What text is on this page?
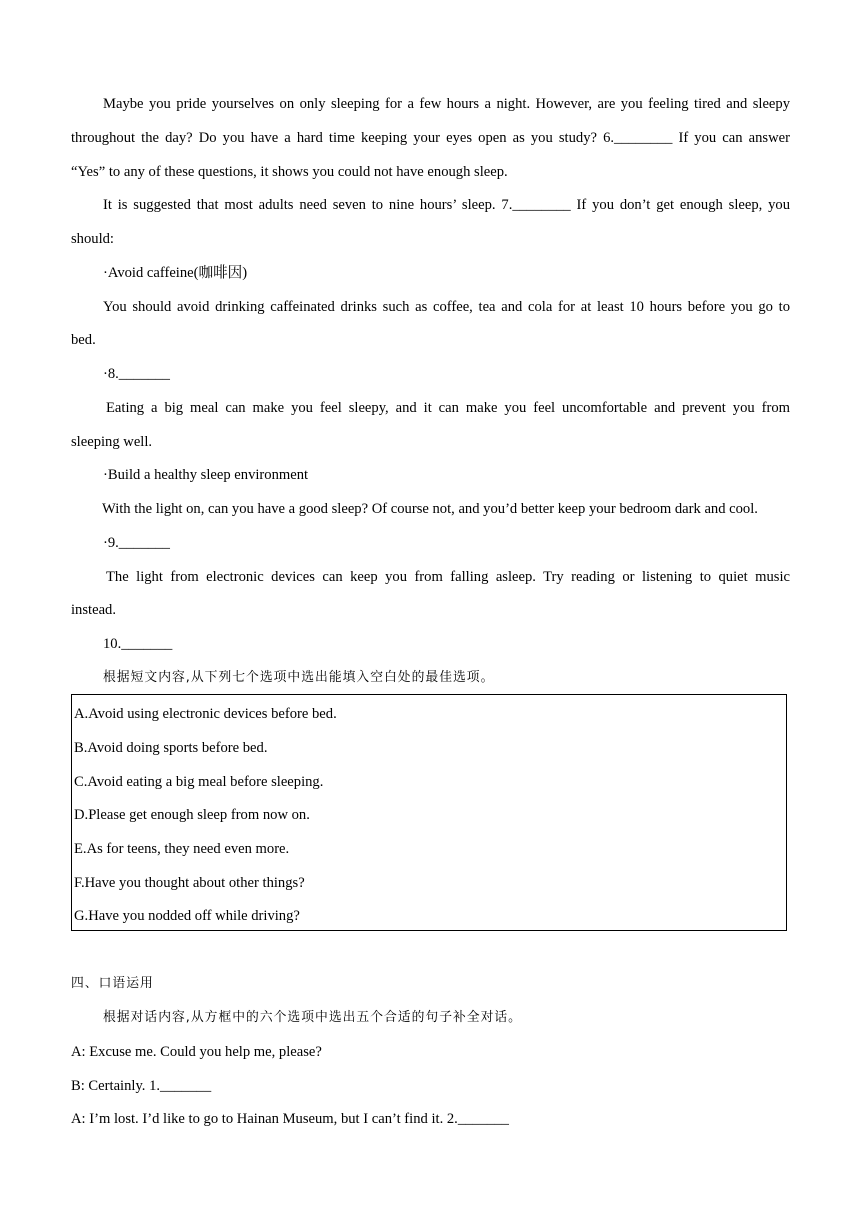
Maybe you pride yourselves on only sleeping for a few hours a night. However, are you feeling tired and sleepy
throughout the day? Do you have a hard time keeping your eyes open as you study? 6.________ If you can answer
“Yes” to any of these questions, it shows you could not have enough sleep.
It is suggested that most adults need seven to nine hours’ sleep. 7.________ If you don’t get enough sleep, you
should:
·Avoid caffeine(咖啡因)
You should avoid drinking caffeinated drinks such as coffee, tea and cola for at least 10 hours before you go to
bed.
·8._______
Eating a big meal can make you feel sleepy, and it can make you feel uncomfortable and prevent you from
sleeping well.
·Build a healthy sleep environment
With the light on, can you have a good sleep? Of course not, and you’d better keep your bedroom dark and cool.
·9._______
The light from electronic devices can keep you from falling asleep. Try reading or listening to quiet music
instead.
10._______
根据短文内容,从下列七个选项中选出能填入空白处的最佳选项。
A.Avoid using electronic devices before bed.
B.Avoid doing sports before bed.
C.Avoid eating a big meal before sleeping.
D.Please get enough sleep from now on.
E.As for teens, they need even more.
F.Have you thought about other things?
G.Have you nodded off while driving?
四、口语运用
根据对话内容,从方框中的六个选项中选出五个合适的句子补全对话。
A: Excuse me. Could you help me, please?
B: Certainly. 1._______
A: I’m lost. I’d like to go to Hainan Museum, but I can’t find it. 2._______
